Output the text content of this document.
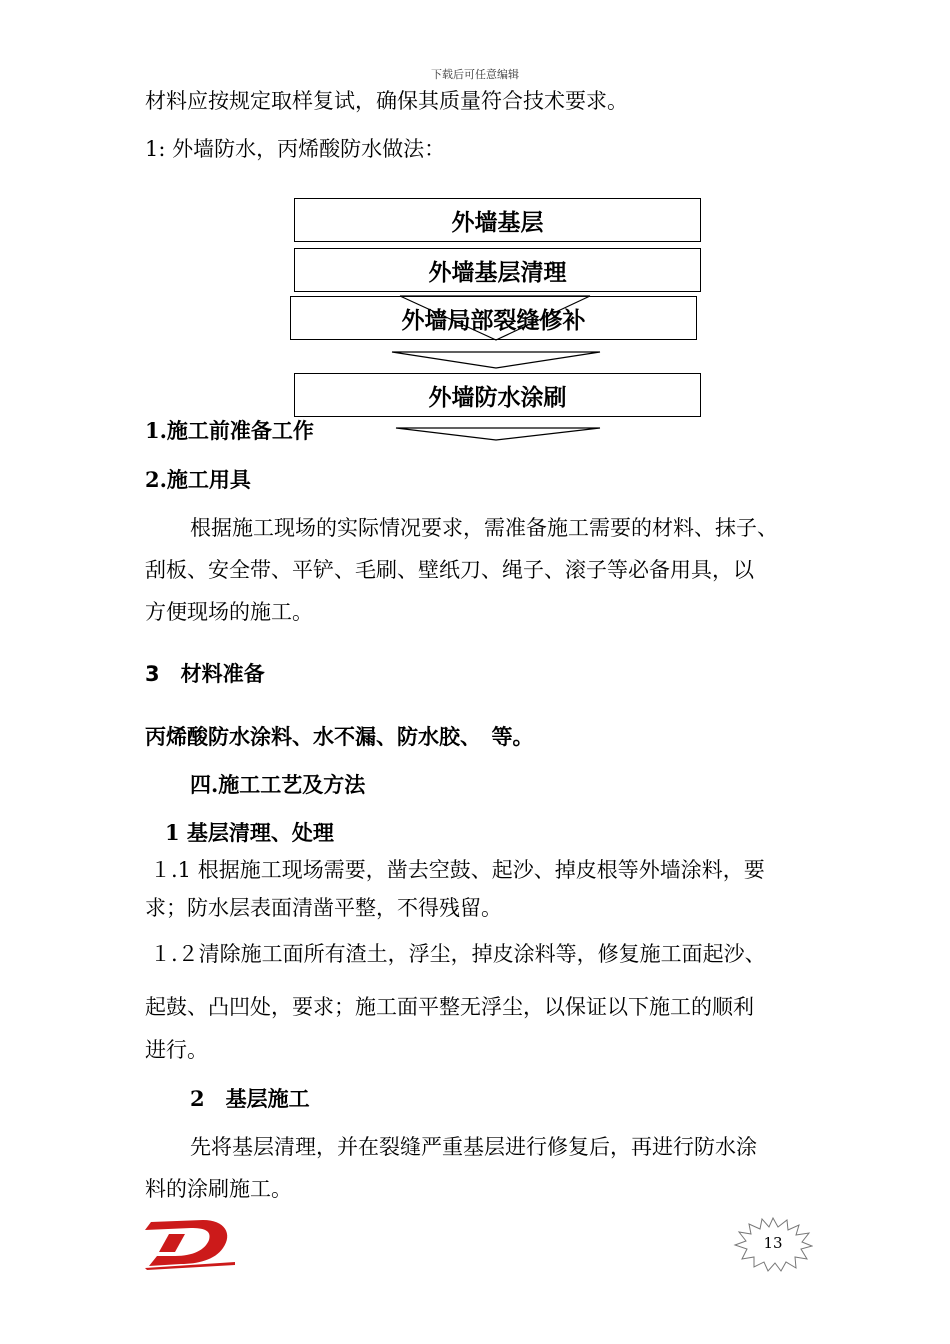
下载后可任意编辑
材料应按规定取样复试，确保其质量符合技术要求。
1: 外墙防水，丙烯酸防水做法：
外墙基层
外墙基层清理
外墙局部裂缝修补
外墙防水涂刷
1.施工前准备工作
2.施工用具
根据施工现场的实际情况要求，需准备施工需要的材料、抹子、
刮板、安全带、平铲、毛刷、壁纸刀、绳子、滚子等必备用具，以
方便现场的施工。
3　材料准备
丙烯酸防水涂料、水不漏、防水胶、　等。
四.施工工艺及方法
1 基层清理、处理
１.1 根据施工现场需要，凿去空鼓、起沙、掉皮根等外墙涂料，要
求；防水层表面清凿平整，不得残留。
１.２清除施工面所有渣土，浮尘，掉皮涂料等，修复施工面起沙、
起鼓、凸凹处，要求；施工面平整无浮尘，以保证以下施工的顺利
进行。
2　基层施工
先将基层清理，并在裂缝严重基层进行修复后，再进行防水涂
料的涂刷施工。
13
